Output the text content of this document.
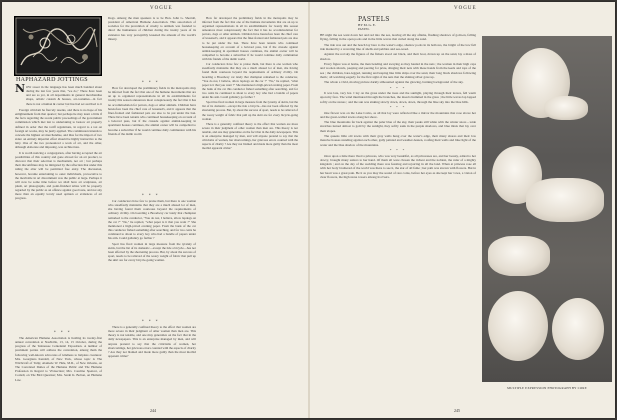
VOGUE
HAPHAZARD JOTTINGS
N OW sweet in the language has been much bandied about during the last few years that, "we do," There have been and are as yet, in all departments in general merchandise shops, artistic custom & houses, art-costumes—in fact there is not a human & corner but has had set ascribed to it

Foreign criticism he fiercely resents, and there is no hope of his enlightenment from that quarter; but perhaps he may learn a little if the facts regarding the recent public proceedings of the government commission which met last to undertaking to bestow art properly defined in order that the tariff regulations, in regard to a tax on foreign art works, may be justly applied. The commission intends to concede the highest art merchandise, and thus for the import of two sides: an entirely impartial effort should be highly instructive to the laity. One of the two pronounced a work of art, and the other, although elaborate and imposing, was architecture.

It is worth noticing a congregation, after having accepted the art possibilities of this country and gone abroad for an art product, to discover that their selection is mechanism, not art ; but perhaps their discomfiture may be mitigated by the reflection that under this ruling the altar will be permitted free entry. The discussion, however, became entertaining to outer individuals, provocative to the inevitable in art discernment was the public at large. Perhaps it will now be some time before we shall have art sculptures, art plush, art photographs, and point-finished tables will be properly regarded by the public as an offence against good taste, and not any more than an equally lovely used opinion or evidences of art progress.

* * *

The American Humane Association is holding its twenty-first annual convention at Nashville, 13, 14, 15 October, during the progress of the Tennessee Centennial Exposition. A number of prominent parties will address the convention, among them the following well-known advocates of kindness to helpless creatures: Mrs. Georgiana Kendall, of New York, whose topic is The Witchcraft of Tulip; Alamede W. Hale, M.D., of New Orleans, on The Correlated Duties of the Humane Public and The Humane Profession in Regard to Vivisection; Mrs. Caroline Spencer, of Cordell, on The Bird Question; Mrs. Sarah K. Bolton, on Humane Law.

Dogs. Among the men speakers is to be Hon. John G. Shortall, president of American Humane Association. This association of societies for the prevention of cruelty to animals was founded to direct the humanness of children during the twenty years of its existence has very perceptibly lessened the amount of the world's misery.

* * *

How far developed the preliminary fields in the metropolis may be inferred from the fact that one of the humane movements that are an up to organized representations in all its establishments for twenty this season announces most conspicuously the fact that it has no accommodation for parrots, dogs or other animals. Children have heretofore been the chief care of lessened's, and it appears that the finer-fronted and fashioned pets are also to be put under the ban. There have been tenants who continued housekeeping on account of a beloved puss, but if the crusade against animal-keeping in apartment houses continues, the animal owner will be compelled to become a subscriber if he would continue daily communion with his friends of the dumb world.

* * *

Car conductors have few to praise them, but there is one woman who steadfastly maintains that they are a much abused lot of men, she having found them courteous beyond the requirements of ordinary civility. On boarding a Broadway car lately that champion remarked to the conductor, "You do not, I believe, allow lapdogs on the car ?" "No," he replied, "what paper is it that you want ?" She mentioned a high-priced evening paper. From the bank of the car this conductor fished something after searching, and for two cents he continued to shout to every boy who had a bundle of papers under his arm. Could gallantry go farther ?

Sport has fired women in large measure from the tyranny of skirts, but the list of its domestic—except the tide a bicycle—has not been affected by the shortening process. But, by about the success of sport, needs to be relieved of the weary weight of fabric that pull up the skirt are for every bicycle-going woman.

* * *

There is a generally confined theory to the effect that women are more severe in their judgment of other women than men are. This theory is not tenable, and one may generalize on the fact that in the daily newspapers. This is an enterprise managed by men, and will anyone pretend to say that the criticisms of women, her shortcomings, her grievous errors counted with the aspects of charity ? Are they not blamed and made more guilty than the most morbid apparent crime?

How far developed the preliminary fields in the metropolis may be inferred from the fact that one of the humane movements that are an up to organized representations in all its establishments for twenty this season announces most conspicuously the fact that it has no accommodation for parrots, dogs or other animals. Children have heretofore been the chief care of lessened's, and it appears that the finer-fronted and fashioned pets are also to be put under the ban. There have been tenants who continued housekeeping on account of a beloved puss, but if the crusade against animal-keeping in apartment houses continues, the animal owner will be compelled to become a subscriber if he would continue daily communion with his friends of the dumb world.

Car conductors have few to praise them, but there is one woman who steadfastly maintains that they are a much abused lot of men, she having found them courteous beyond the requirements of ordinary civility. On boarding a Broadway car lately that champion remarked to the conductor, "You do not, I believe, allow lapdogs on the car ?" "No," he replied, "what paper is it that you want ?" She mentioned a high-priced evening paper. From the bank of the car this conductor fished something after searching, and for two cents he continued to shout to every boy who had a bundle of papers under his arm. Could gallantry go farther ?

Sport has fired women in large measure from the tyranny of skirts, but the list of its domestic—except the tide a bicycle—has not been affected by the shortening process. But, by about the success of sport, needs to be relieved of the weary weight of fabric that pull up the skirt are for every bicycle-going woman.

There is a generally confined theory to the effect that women are more severe in their judgment of other women than men are. This theory is not tenable, and one may generalize on the fact that in the daily newspapers. This is an enterprise managed by men, and will anyone pretend to say that the criticisms of women, her shortcomings, her grievous errors counted with the aspects of charity ? Are they not blamed and made more guilty than the most morbid apparent crime?

244
VOGUE
PASTELS
BY M. G. E.
PASTEL

HE night the sea went down hot and red into the sea, leaving all the sky aflame, flashing shadows of gold-en, falling flying, falling in the open pools and in the little waves that curled along the sand.

The tide was out and the beach lay bare to the water's edge, shadow pools in its hollows, the bright of the low full tide marked by a wavering line of shells and pebbles and sea-weed.

Against the red sky the figures of the fishers stood out black, and their boat, drawn up on the sand, lay a mass of shadow.

Every figure was at home, the men bending and swaying as they hauled in the nets ; the women in their high caps and woolen shawls, peeping and peering for prize, slinging their nets with these hands from the keels and tops of the sea ; the children, bare-legged, running and leaping like little ships over the sand, their long black shadows following them ; all watching eagerly for the first sight of the nets that the shining silver gave up.

The whole a vivid, moving picture darkly silhouetted against the glowing, burning background of the sky.

* * *

It was late, very hot. I lay on the grass under the trees and the sunlight, playing through their leaves, fell warm upon my face. The wind murmured through the branches, the insects hummed in the grass ; the little waves lap lapped softly on the stones ; and the sun was sinking slowly down, down, down, through the blue sky into the blue hills.

* * *

One flower was on the Lake Como, as all that lay were reflected like a mirror the mountains that rose above her and the great-walled towns along her shore.

The blue mountains far back against the paler blue of the sky, their peaks still white with the winter snow—wide stretches turned almost to gold by the sunlight, they softly sank in the purple shadows, and blue mists that lay over their slopes.

The queens little old towns with their gray walls hung over the water's edge, their many shores and their low massive houses standing against each other, gaily painted and weather-beaten, roofing their walls and blue light of the water and the blue shadow of the mountains.

* * *

Once upon a time there lived a princess, who was very beautiful, as all princesses are, and her beauty, added to her dowry, brought many suitors to her hand. Of them all were chosen the richest and the noblest, the ruler of a mighty kingdom ; and on the day of the wedding there was feasting and rejoicing in all the land. When at princess rose all with her body brothered of the world was there to see it, the star of all fame ; her path was strewn with flowers. But in her heart was a great pain. Be it as you may the sound of rare coins, before her eyes as she kept her vows, a vision of clear flowers, the high stone towers among its rivers.

MULTIPLE EXPRESSION PHOTOGRAPH BY CORE
245
